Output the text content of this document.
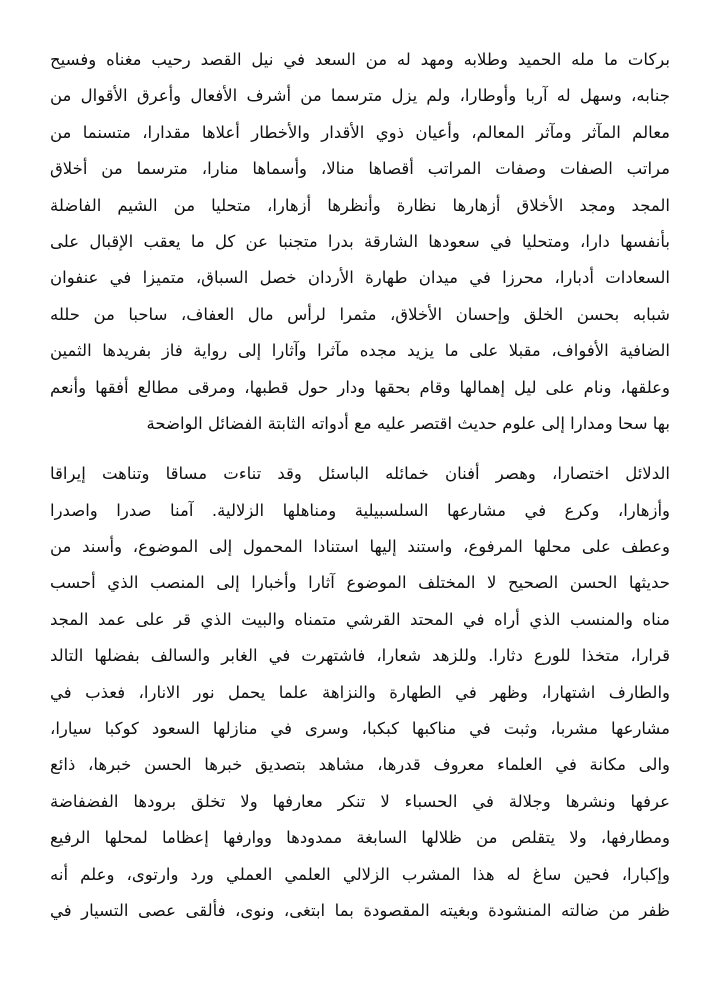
بركات ما مله الحميد وطلابه ومهد له من السعد في نيل القصد رحيب مغناه وفسيح
جنابه، وسهل له آربا وأوطارا، ولم يزل مترسما من أشرف الأفعال وأعرق الأقوال من
معالم المآثر ومآثر المعالم، وأعيان ذوي الأقدار والأخطار أعلاها مقدارا، متسنما من
مراتب الصفات وصفات المراتب أقصاها منالا، وأسماها منارا، مترسما من أخلاق
المجد ومجد الأخلاق أزهارها نظارة وأنظرها أزهارا، متحليا من الشيم الفاضلة
بأنفسها دارا، ومتحليا في سعودها الشارقة بدرا متجنبا عن كل ما يعقب الإقبال على
السعادات أدبارا، محرزا في ميدان طهارة الأردان خصل السباق، متميزا في عنفوان
شبابه بحسن الخلق وإحسان الأخلاق، مثمرا لرأس مال العفاف، ساحبا من حلله
الضافية الأفواف، مقبلا على ما يزيد مجده مآثرا وآثارا إلى رواية فاز بفريدها الثمين
وعلقها، ونام على ليل إهمالها وقام بحقها ودار حول قطبها، ومرقى مطالع أفقها وأنعم
بها سحا ومدارا إلى علوم حديث اقتصر عليه مع أدواته الثابتة الفضائل الواضحة
الدلائل اختصارا، وهصر أفنان خمائله الباسئل وقد تناءت مساقا وتناهت إيراقا
وأزهارا، وكرع في مشارعها السلسبيلية ومناهلها الزلالية. آمنا صدرا واصدرا
وعطف على محلها المرفوع، واستند إليها استنادا المحمول إلى الموضوع، وأسند من
حديثها الحسن الصحيح لا المختلف الموضوع آثارا وأخبارا إلى المنصب الذي أحسب
مناه والمنسب الذي أراه في المحتد القرشي متمناه والبيت الذي قر على عمد المجد
قرارا، متخذا للورع دثارا. وللزهد شعارا، فاشتهرت في الغابر والسالف بفضلها التالد
والطارف اشتهارا، وظهر في الطهارة والنزاهة علما يحمل نور الانارا، فعذب في
مشارعها مشربا، وثبت في مناكبها كبكبا، وسرى في منازلها السعود كوكبا سيارا،
والى مكانة في العلماء معروف قدرها، مشاهد بتصديق خبرها الحسن خبرها، ذائع
عرفها ونشرها وجلالة في الحسباء لا تنكر معارفها ولا تخلق برودها الفضفاضة
ومطارفها، ولا يتقلص من ظلالها السابغة ممدودها ووارفها إعظاما لمحلها الرفيع
وإكبارا، فحين ساغ له هذا المشرب الزلالي العلمي العملي ورد وارتوى، وعلم أنه
ظفر من ضالته المنشودة وبغيته المقصودة بما ابتغى، ونوى، فألقى عصى التسيار في
